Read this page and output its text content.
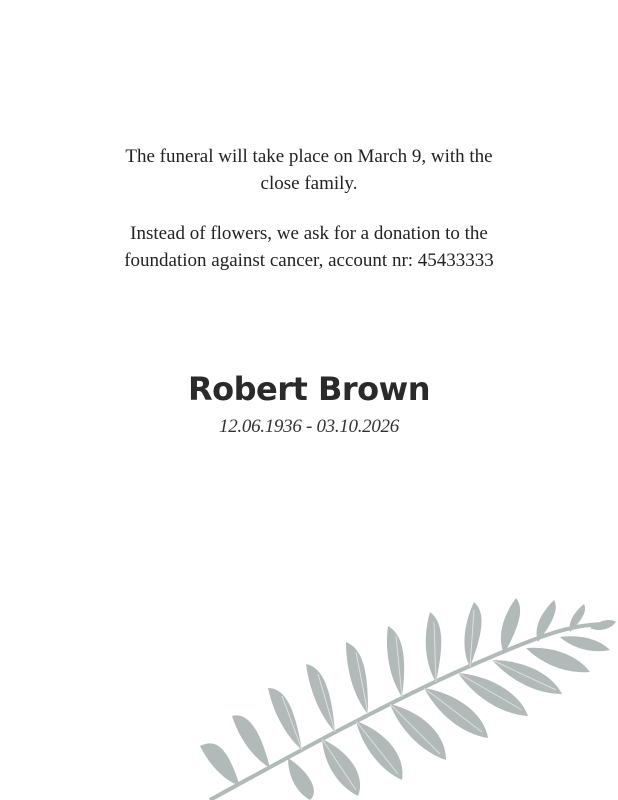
The funeral will take place on March 9, with the close family.

Instead of flowers, we ask for a donation to the foundation against cancer, account nr: 45433333

Robert Brown
12.06.1936 - 03.10.2026
